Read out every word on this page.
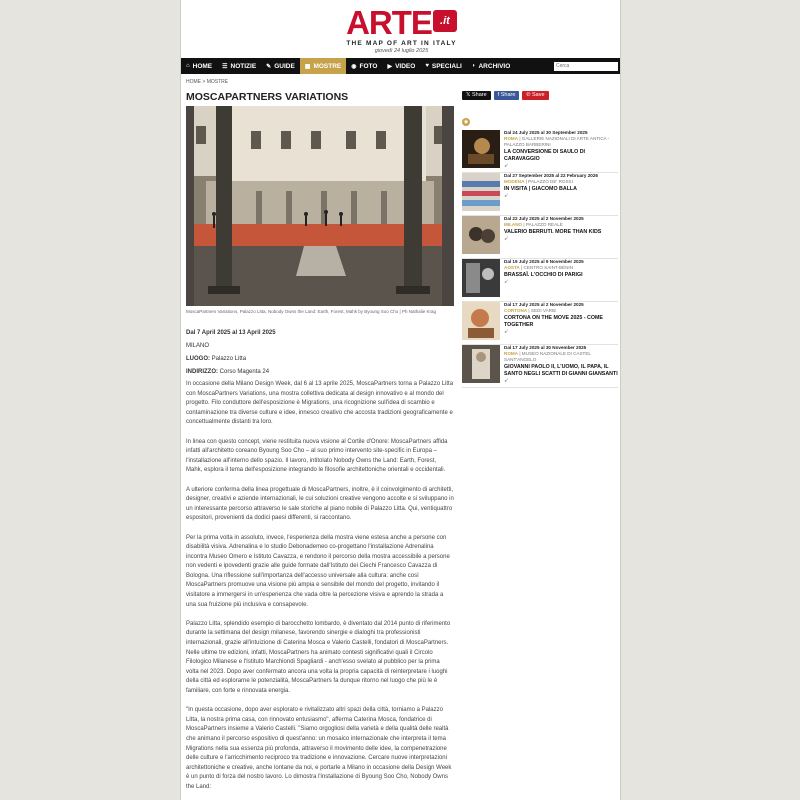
ARTE .it
THE MAP OF ART IN ITALY
giovedì 24 luglio 2025
⌂ HOME ☰ NOTIZIE ✎ GUIDE ▦ MOSTRE ◉ FOTO ▶ VIDEO ♥ SPECIALI ◗ ARCHIVIO
Cerca
HOME > MOSTRE
MOSCAPARTNERS VARIATIONS	𝕏 Share	f Share	℗ Save
MoscaPartners Variations, Palazzo Litta, Nobody Owns the Land: Earth, Forest, Mahk by Byoung Soo Cho | Ph Nathalie Krag
Dal 7 April 2025 al 13 April 2025
MILANO
LUOGO: Palazzo Litta
INDIRIZZO: Corso Magenta 24

In occasione della Milano Design Week, dal 6 al 13 aprile 2025, MoscaPartners torna a Palazzo Litta con MoscaPartners Variations, una mostra collettiva dedicata al design innovativo e al mondo del progetto. Filo conduttore dell'esposizione è Migrations, una ricognizione sull'idea di scambio e contaminazione tra diverse culture e idee, innesco creativo che accosta tradizioni geograficamente e concettualmente distanti tra loro.

In linea con questo concept, viene restituita nuova visione al Cortile d'Onore: MoscaPartners affida infatti all'architetto coreano Byoung Soo Cho – al suo primo intervento site-specific in Europa – l'installazione all'interno dello spazio. Il lavoro, intitolato Nobody Owns the Land: Earth, Forest, Mahk, esplora il tema dell'esposizione integrando le filosofie architettoniche orientali e occidentali.

A ulteriore conferma della linea progettuale di MoscaPartners, inoltre, è il coinvolgimento di architetti, designer, creativi e aziende internazionali, le cui soluzioni creative vengono accolte e si sviluppano in un interessante percorso attraverso le sale storiche al piano nobile di Palazzo Litta. Qui, ventiquattro espositori, provenienti da dodici paesi differenti, si raccontano.

Per la prima volta in assoluto, invece, l'esperienza della mostra viene estesa anche a persone con disabilità visiva. Adrenalina e lo studio Debonademeo co-progettano l'installazione Adrenalina incontra Museo Omero e Istituto Cavazza, e rendono il percorso della mostra accessibile a persone non vedenti e ipovedenti grazie alle guide formate dall'Istituto dei Ciechi Francesco Cavazza di Bologna. Una riflessione sull'importanza dell'accesso universale alla cultura: anche così MoscaPartners promuove una visione più ampia e sensibile del mondo del progetto, invitando il visitatore a immergersi in un'esperienza che vada oltre la percezione visiva e aprendo la strada a una sua fruizione più inclusiva e consapevole.

Palazzo Litta, splendido esempio di barocchetto lombardo, è diventato dal 2014 punto di riferimento durante la settimana del design milanese, favorendo sinergie e dialoghi tra professionisti internazionali, grazie all'intuizione di Caterina Mosca e Valerio Castelli, fondatori di MoscaPartners. Nelle ultime tre edizioni, infatti, MoscaPartners ha animato contesti significativi quali il Circolo Filologico Milanese e l'Istituto Marchiondi Spagliardi - anch'esso svelato al pubblico per la prima volta nel 2023. Dopo aver confermato ancora una volta la propria capacità di reinterpretare i luoghi della città ed esplorarne le potenzialità, MoscaPartners fa dunque ritorno nel luogo che più le è familiare, con forte e rinnovata energia.

"In questa occasione, dopo aver esplorato e rivitalizzato altri spazi della città, torniamo a Palazzo Litta, la nostra prima casa, con rinnovato entusiasmo", afferma Caterina Mosca, fondatrice di MoscaPartners insieme a Valerio Castelli. "Siamo orgogliosi della varietà e della qualità delle realtà che animano il percorso espositivo di quest'anno: un mosaico internazionale che interpreta il tema Migrations nella sua essenza più profonda, attraverso il movimento delle idee, la compenetrazione delle culture e l'arricchimento reciproco tra tradizione e innovazione. Cercare nuove interpretazioni architettoniche e creative, anche lontane da noi, e portarle a Milano in occasione della Design Week è un punto di forza del nostro lavoro. Lo dimostra l'installazione di Byoung Soo Cho, Nobody Owns the Land:

◉
Dal 24 July 2025 al 30 September 2025
ROMA | GALLERIE NAZIONALI DI ARTE ANTICA - PALAZZO BARBERINI
LA CONVERSIONE DI SAULO DI CARAVAGGIO
➹
Dal 27 September 2025 al 22 February 2026
MODENA | PALAZZO DE' ROSSI
IN VISITA | GIACOMO BALLA
➹
Dal 22 July 2025 al 2 November 2025
MILANO | PALAZZO REALE
VALERIO BERRUTI. MORE THAN KIDS
➹
Dal 19 July 2025 al 9 November 2025
AOSTA | CENTRO SAINT-BÉNIN
BRASSAÏ. L'OCCHIO DI PARIGI
➹
Dal 17 July 2025 al 2 November 2025
CORTONA | SEDI VARIE
CORTONA ON THE MOVE 2025 - COME TOGETHER
➹
Dal 17 July 2025 al 30 November 2025
ROMA | MUSEO NAZIONALE DI CASTEL SANT'ANGELO
GIOVANNI PAOLO II, L'UOMO, IL PAPA, IL SANTO NEGLI SCATTI DI GIANNI GIANSANTI
➹
